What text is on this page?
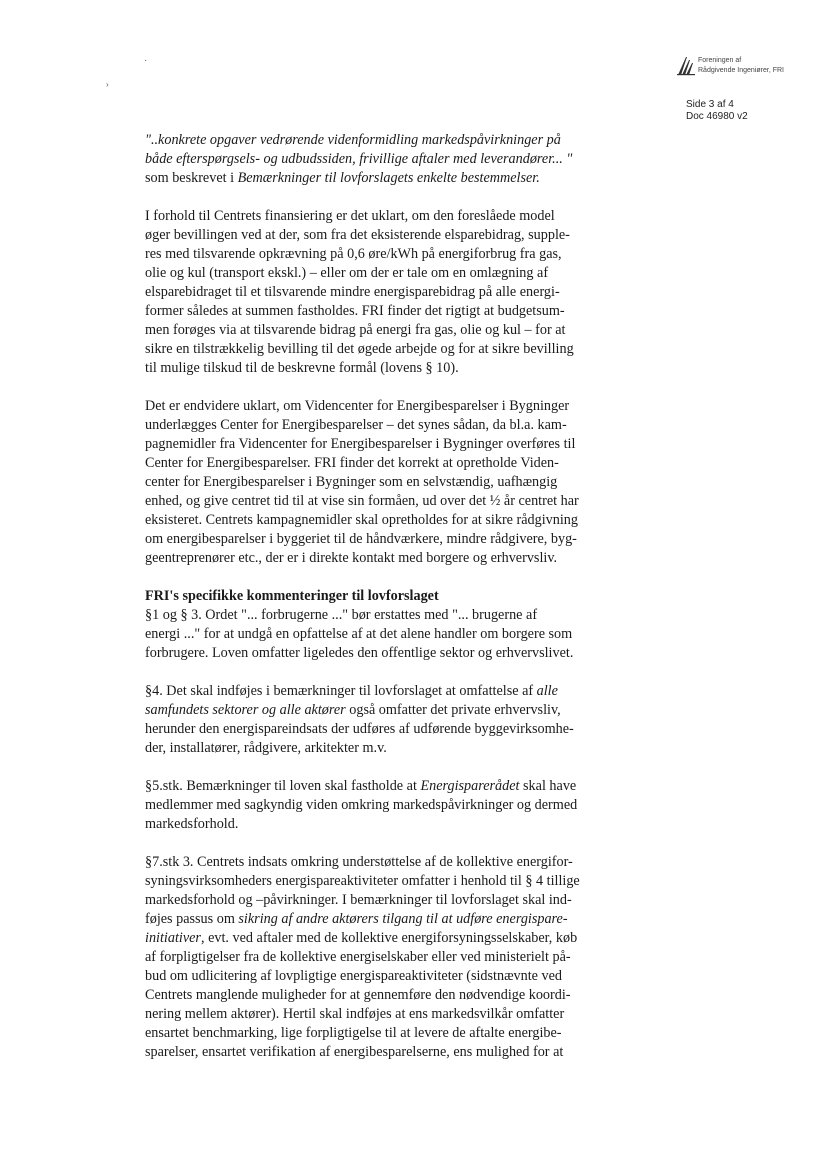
Foreningen af
Rådgivende Ingeniører, FRI
Side 3 af 4
Doc 46980 v2
·
›

"..konkrete opgaver vedrørende videnformidling markedspåvirkninger på

både efterspørgsels- og udbudssiden, frivillige aftaler med leverandører... "

som beskrevet i Bemærkninger til lovforslagets enkelte bestemmelser.

I forhold til Centrets finansiering er det uklart, om den foreslåede model

øger bevillingen ved at der, som fra det eksisterende elsparebidrag, supple-

res med tilsvarende opkrævning på 0,6 øre/kWh på energiforbrug fra gas,

olie og kul (transport ekskl.) – eller om der er tale om en omlægning af

elsparebidraget til et tilsvarende mindre energisparebidrag på alle energi-

former således at summen fastholdes. FRI finder det rigtigt at budgetsum-

men forøges via at tilsvarende bidrag på energi fra gas, olie og kul – for at

sikre en tilstrækkelig bevilling til det øgede arbejde og for at sikre bevilling

til mulige tilskud til de beskrevne formål (lovens § 10).

Det er endvidere uklart, om Videncenter for Energibesparelser i Bygninger

underlægges Center for Energibesparelser – det synes sådan, da bl.a. kam-

pagnemidler fra Videncenter for Energibesparelser i Bygninger overføres til

Center for Energibesparelser. FRI finder det korrekt at opretholde Viden-

center for Energibesparelser i Bygninger som en selvstændig, uafhængig

enhed, og give centret tid til at vise sin formåen, ud over det ½ år centret har

eksisteret. Centrets kampagnemidler skal opretholdes for at sikre rådgivning

om energibesparelser i byggeriet til de håndværkere, mindre rådgivere, byg-

geentreprenører etc., der er i direkte kontakt med borgere og erhvervsliv.

FRI's specifikke kommenteringer til lovforslaget

§1 og § 3. Ordet "... forbrugerne ..." bør erstattes med "... brugerne af

energi ..." for at undgå en opfattelse af at det alene handler om borgere som

forbrugere. Loven omfatter ligeledes den offentlige sektor og erhvervslivet.

§4. Det skal indføjes i bemærkninger til lovforslaget at omfattelse af alle

samfundets sektorer og alle aktører også omfatter det private erhvervsliv,

herunder den energispareindsats der udføres af udførende byggevirksomhe-

der, installatører, rådgivere, arkitekter m.v.

§5.stk. Bemærkninger til loven skal fastholde at Energisparerådet skal have

medlemmer med sagkyndig viden omkring markedspåvirkninger og dermed

markedsforhold.

§7.stk 3. Centrets indsats omkring understøttelse af de kollektive energifor-

syningsvirksomheders energispareaktiviteter omfatter i henhold til § 4 tillige

markedsforhold og –påvirkninger. I bemærkninger til lovforslaget skal ind-

føjes passus om sikring af andre aktørers tilgang til at udføre energispare-

initiativer, evt. ved aftaler med de kollektive energiforsyningsselskaber, køb

af forpligtigelser fra de kollektive energiselskaber eller ved ministerielt på-

bud om udlicitering af lovpligtige energispareaktiviteter (sidstnævnte ved

Centrets manglende muligheder for at gennemføre den nødvendige koordi-

nering mellem aktører). Hertil skal indføjes at ens markedsvilkår omfatter

ensartet benchmarking, lige forpligtigelse til at levere de aftalte energibe-

sparelser, ensartet verifikation af energibesparelserne, ens mulighed for at
